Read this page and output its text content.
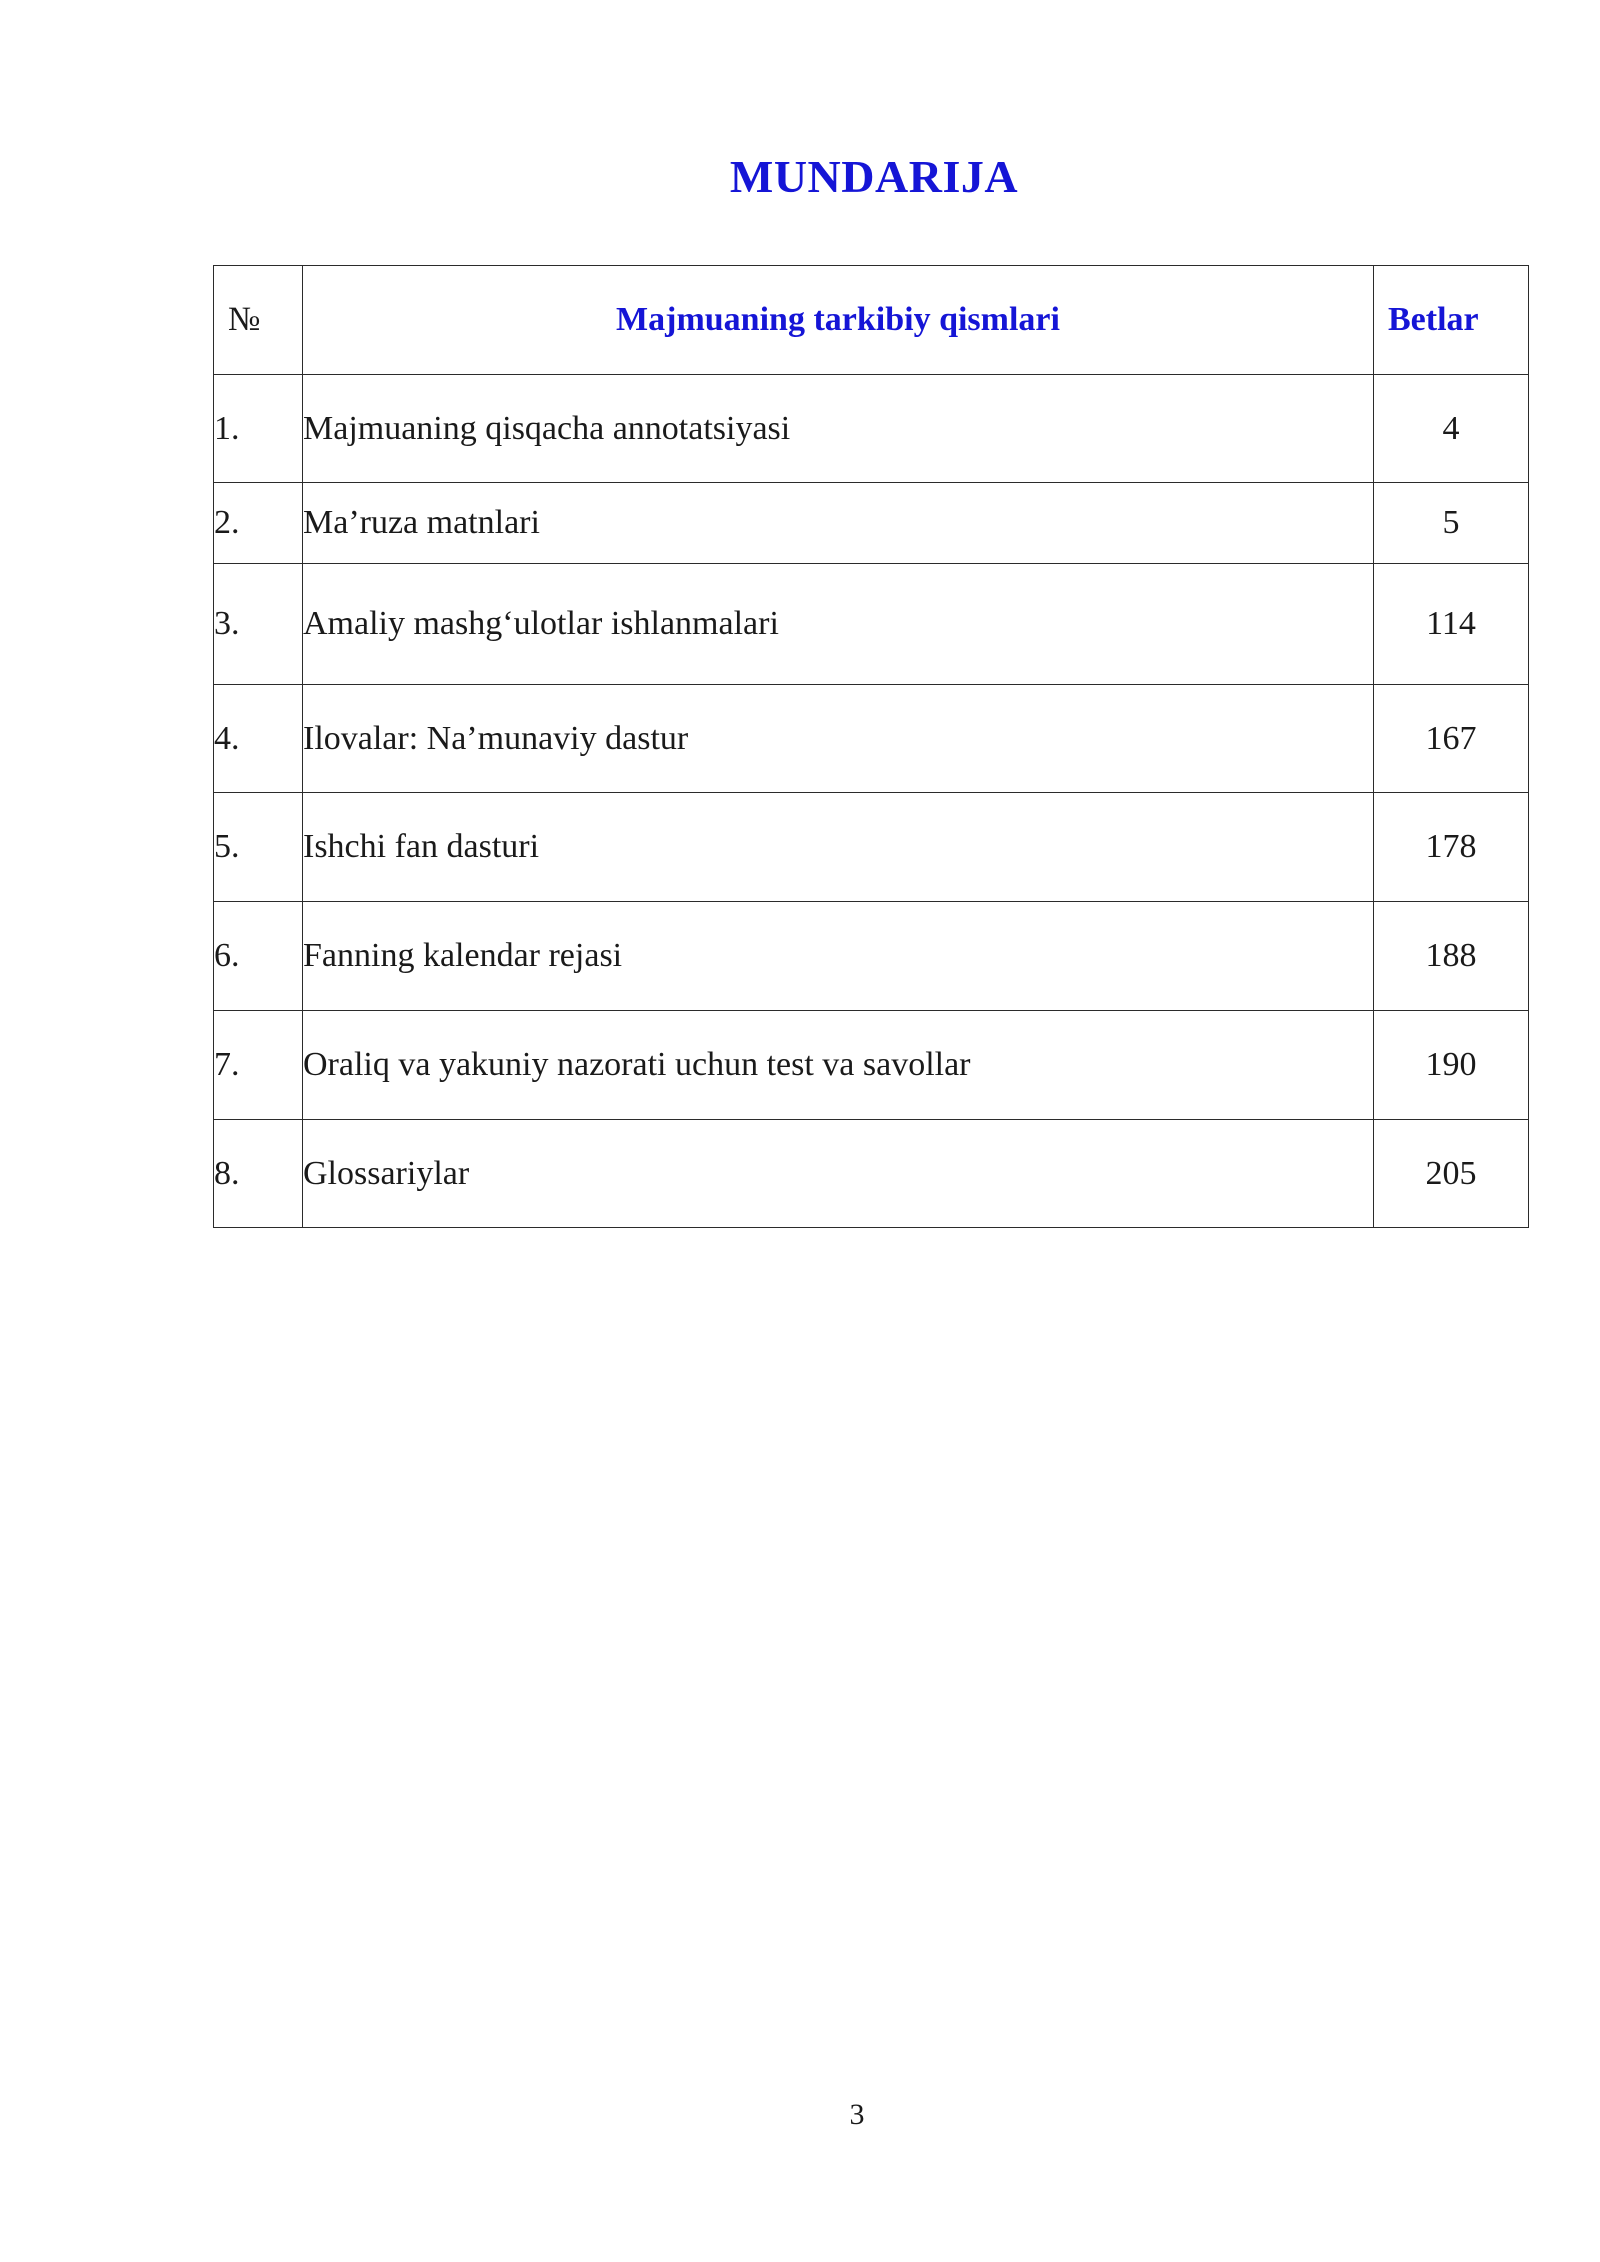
MUNDARIJA
№	Majmuaning tarkibiy qismlari	Betlar
1.	Majmuaning qisqacha annotatsiyasi	4
2.	Ma’ruza matnlari	5
3.	Amaliy mashg‘ulotlar ishlanmalari	114
4.	Ilovalar: Na’munaviy dastur	167
5.	Ishchi fan dasturi	178
6.	Fanning kalendar rejasi	188
7.	Oraliq va yakuniy nazorati uchun test va savollar	190
8.	Glossariylar	205
3
